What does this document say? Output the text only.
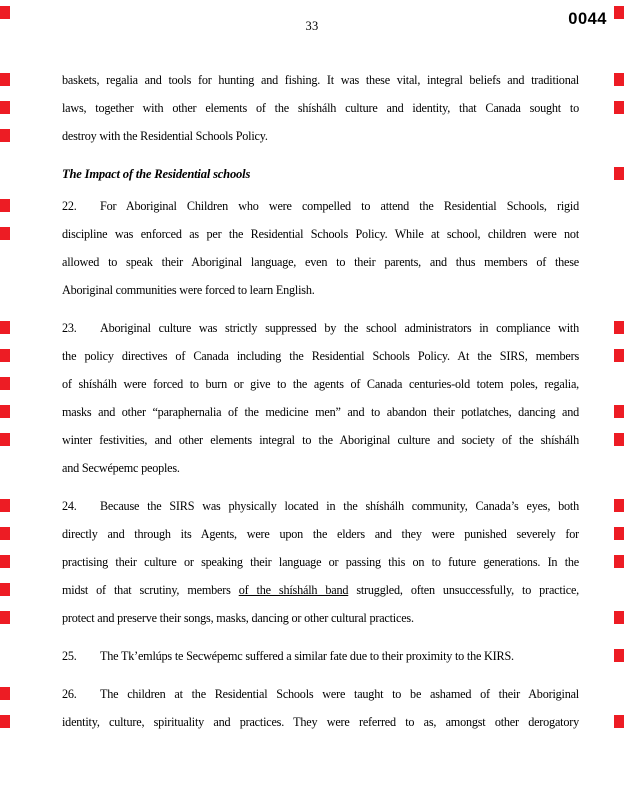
33	0044
baskets, regalia and tools for hunting and fishing. It was these vital, integral beliefs and traditional
laws, together with other elements of the shíshálh culture and identity, that Canada sought to
destroy with the Residential Schools Policy.
The Impact of the Residential schools
22. For Aboriginal Children who were compelled to attend the Residential Schools, rigid
discipline was enforced as per the Residential Schools Policy. While at school, children were not
allowed to speak their Aboriginal language, even to their parents, and thus members of these
Aboriginal communities were forced to learn English.
23. Aboriginal culture was strictly suppressed by the school administrators in compliance with
the policy directives of Canada including the Residential Schools Policy. At the SIRS, members
of shíshálh were forced to burn or give to the agents of Canada centuries-old totem poles, regalia,
masks and other “paraphernalia of the medicine men” and to abandon their potlatches, dancing and
winter festivities, and other elements integral to the Aboriginal culture and society of the shíshálh
and Secwépemc peoples.
24. Because the SIRS was physically located in the shíshálh community, Canada’s eyes, both
directly and through its Agents, were upon the elders and they were punished severely for
practising their culture or speaking their language or passing this on to future generations. In the
midst of that scrutiny, members of the shíshálh band struggled, often unsuccessfully, to practice,
protect and preserve their songs, masks, dancing or other cultural practices.
25. The Tk’emlúps te Secwépemc suffered a similar fate due to their proximity to the KIRS.
26. The children at the Residential Schools were taught to be ashamed of their Aboriginal
identity, culture, spirituality and practices. They were referred to as, amongst other derogatory
